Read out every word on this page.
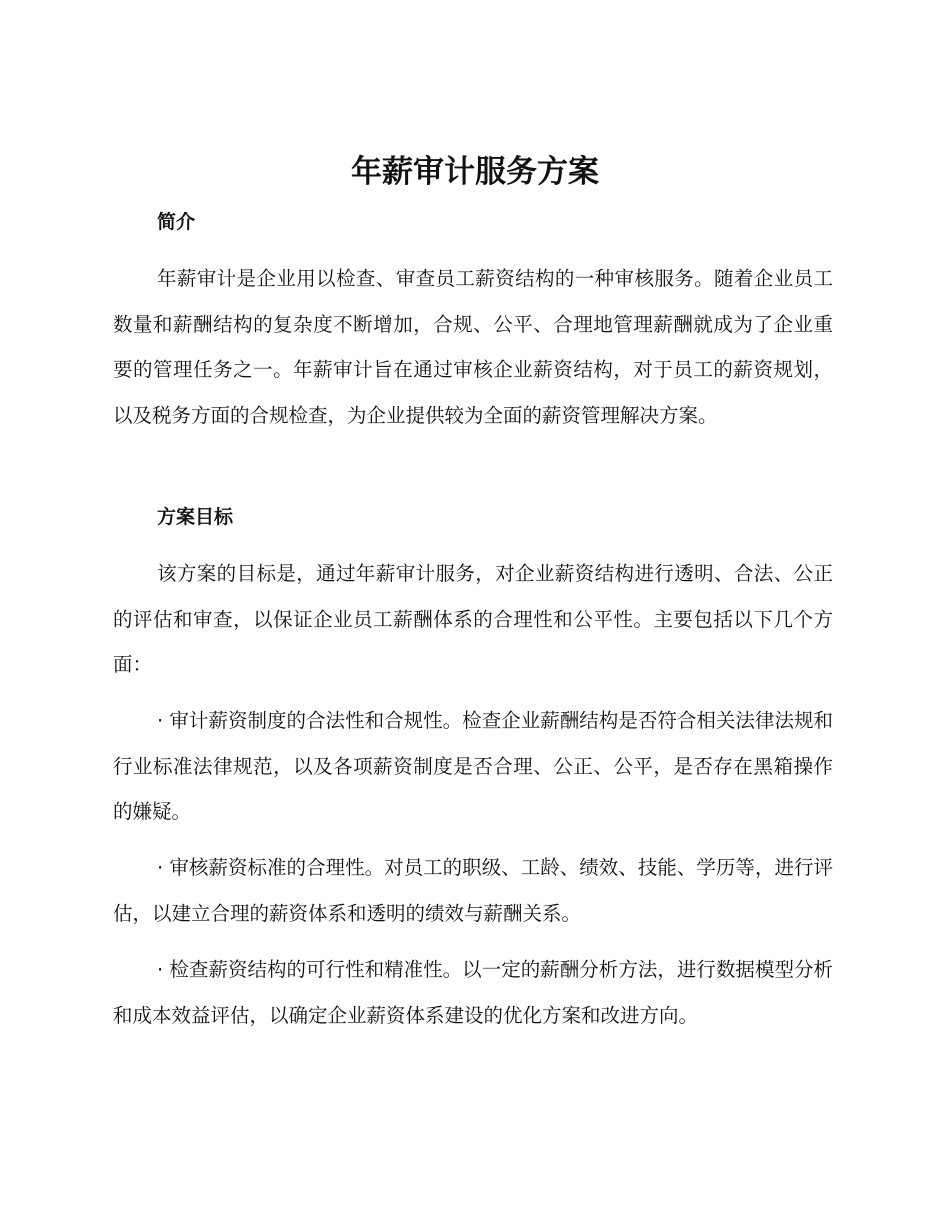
年薪审计服务方案
简介

年薪审计是企业用以检查、审查员工薪资结构的一种审核服务。随着企业员工数量和薪酬结构的复杂度不断增加，合规、公平、合理地管理薪酬就成为了企业重要的管理任务之一。年薪审计旨在通过审核企业薪资结构，对于员工的薪资规划，以及税务方面的合规检查，为企业提供较为全面的薪资管理解决方案。

方案目标

该方案的目标是，通过年薪审计服务，对企业薪资结构进行透明、合法、公正的评估和审查，以保证企业员工薪酬体系的合理性和公平性。主要包括以下几个方面：

· 审计薪资制度的合法性和合规性。检查企业薪酬结构是否符合相关法律法规和行业标准法律规范，以及各项薪资制度是否合理、公正、公平，是否存在黑箱操作的嫌疑。

· 审核薪资标准的合理性。对员工的职级、工龄、绩效、技能、学历等，进行评估，以建立合理的薪资体系和透明的绩效与薪酬关系。

· 检查薪资结构的可行性和精准性。以一定的薪酬分析方法，进行数据模型分析和成本效益评估，以确定企业薪资体系建设的优化方案和改进方向。
